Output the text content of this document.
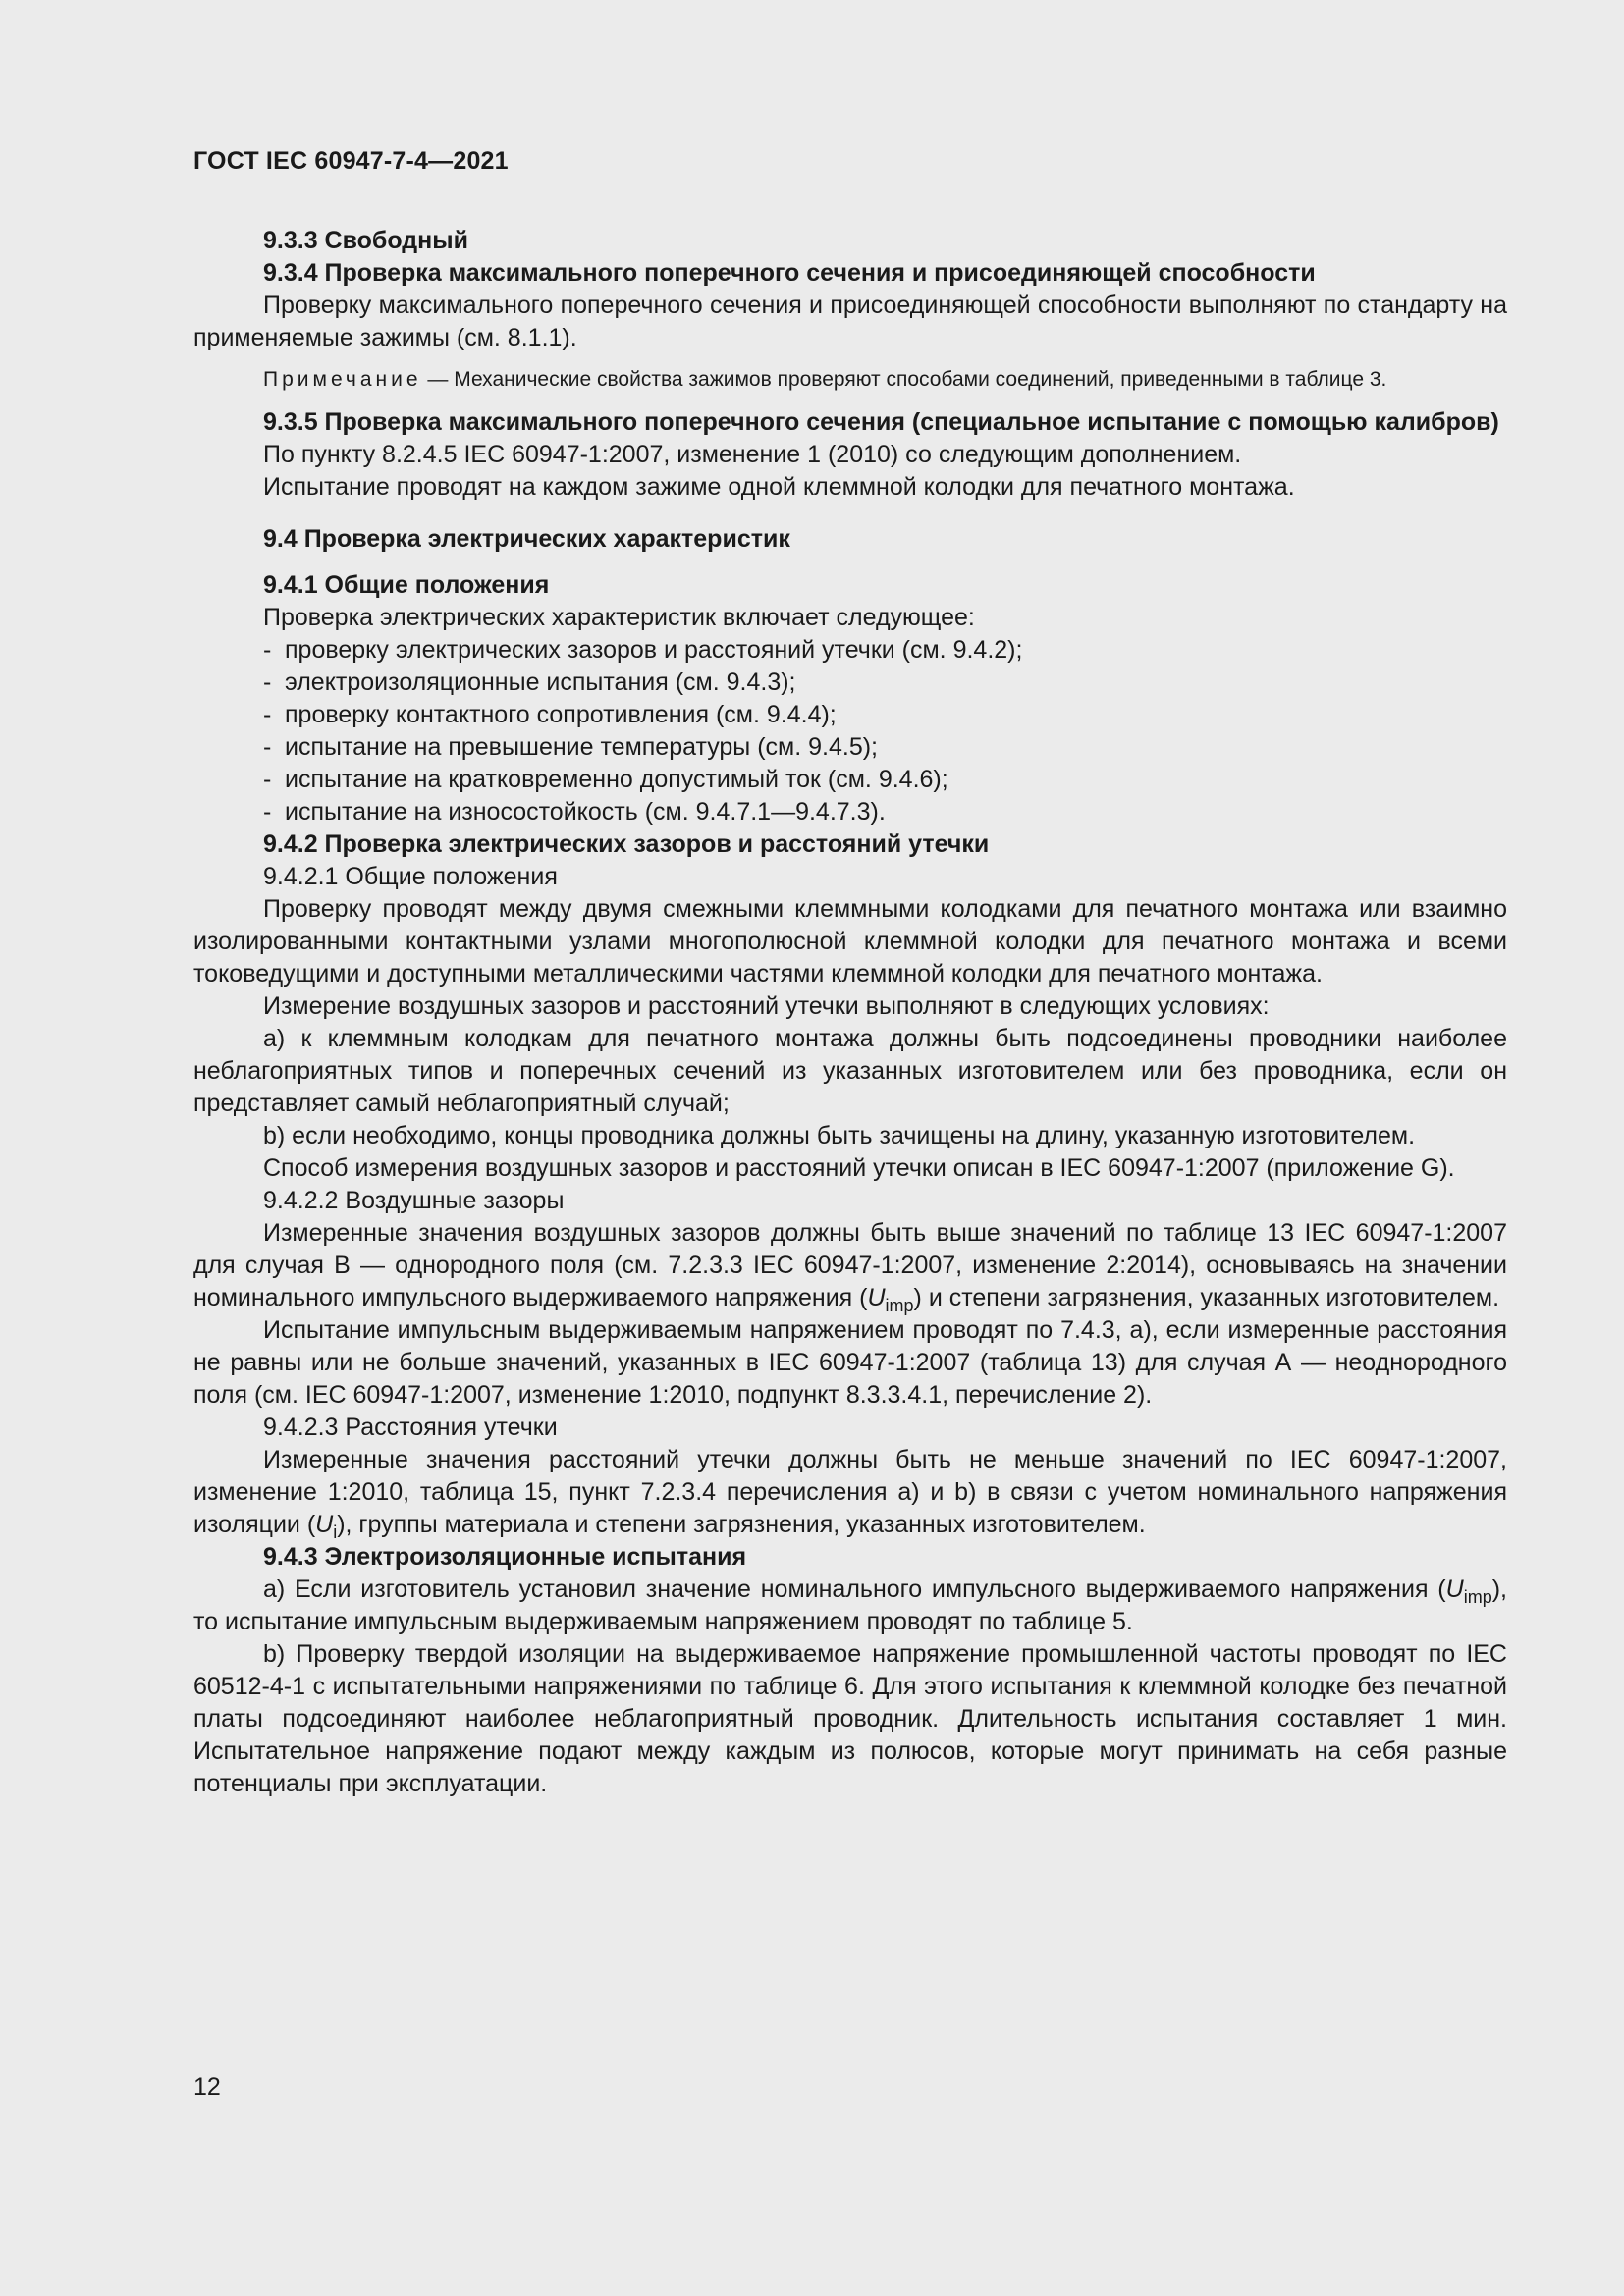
ГОСТ IEC 60947-7-4—2021

9.3.3 Свободный

9.3.4 Проверка максимального поперечного сечения и присоединяющей способности

Проверку максимального поперечного сечения и присоединяющей способности выполняют по стандарту на применяемые зажимы (см. 8.1.1).

Примечание — Механические свойства зажимов проверяют способами соединений, приведенными в таблице 3.

9.3.5 Проверка максимального поперечного сечения (специальное испытание с помощью калибров)

По пункту 8.2.4.5 IEC 60947-1:2007, изменение 1 (2010) со следующим дополнением.

Испытание проводят на каждом зажиме одной клеммной колодки для печатного монтажа.

9.4 Проверка электрических характеристик

9.4.1 Общие положения

Проверка электрических характеристик включает следующее:

- проверку электрических зазоров и расстояний утечки (см. 9.4.2);

- электроизоляционные испытания (см. 9.4.3);

- проверку контактного сопротивления (см. 9.4.4);

- испытание на превышение температуры (см. 9.4.5);

- испытание на кратковременно допустимый ток (см. 9.4.6);

- испытание на износостойкость (см. 9.4.7.1—9.4.7.3).

9.4.2 Проверка электрических зазоров и расстояний утечки

9.4.2.1 Общие положения

Проверку проводят между двумя смежными клеммными колодками для печатного монтажа или взаимно изолированными контактными узлами многополюсной клеммной колодки для печатного монтажа и всеми токоведущими и доступными металлическими частями клеммной колодки для печатного монтажа.

Измерение воздушных зазоров и расстояний утечки выполняют в следующих условиях:

a) к клеммным колодкам для печатного монтажа должны быть подсоединены проводники наиболее неблагоприятных типов и поперечных сечений из указанных изготовителем или без проводника, если он представляет самый неблагоприятный случай;

b) если необходимо, концы проводника должны быть зачищены на длину, указанную изготовителем.

Способ измерения воздушных зазоров и расстояний утечки описан в IEC 60947-1:2007 (приложение G).

9.4.2.2 Воздушные зазоры

Измеренные значения воздушных зазоров должны быть выше значений по таблице 13 IEC 60947-1:2007 для случая В — однородного поля (см. 7.2.3.3 IEC 60947-1:2007, изменение 2:2014), основываясь на значении номинального импульсного выдерживаемого напряжения $(U_{imp})$ и степени загрязнения, указанных изготовителем.

Испытание импульсным выдерживаемым напряжением проводят по 7.4.3, a), если измеренные расстояния не равны или не больше значений, указанных в IEC 60947-1:2007 (таблица 13) для случая А — неоднородного поля (см. IEC 60947-1:2007, изменение 1:2010, подпункт 8.3.3.4.1, перечисление 2).

9.4.2.3 Расстояния утечки

Измеренные значения расстояний утечки должны быть не меньше значений по IEC 60947-1:2007, изменение 1:2010, таблица 15, пункт 7.2.3.4 перечисления a) и b) в связи с учетом номинального напряжения изоляции $(U_i)$, группы материала и степени загрязнения, указанных изготовителем.

9.4.3 Электроизоляционные испытания

a) Если изготовитель установил значение номинального импульсного выдерживаемого напряжения $(U_{imp})$, то испытание импульсным выдерживаемым напряжением проводят по таблице 5.

b) Проверку твердой изоляции на выдерживаемое напряжение промышленной частоты проводят по IEC 60512-4-1 с испытательными напряжениями по таблице 6. Для этого испытания к клеммной колодке без печатной платы подсоединяют наиболее неблагоприятный проводник. Длительность испытания составляет 1 мин. Испытательное напряжение подают между каждым из полюсов, которые могут принимать на себя разные потенциалы при эксплуатации.

12
